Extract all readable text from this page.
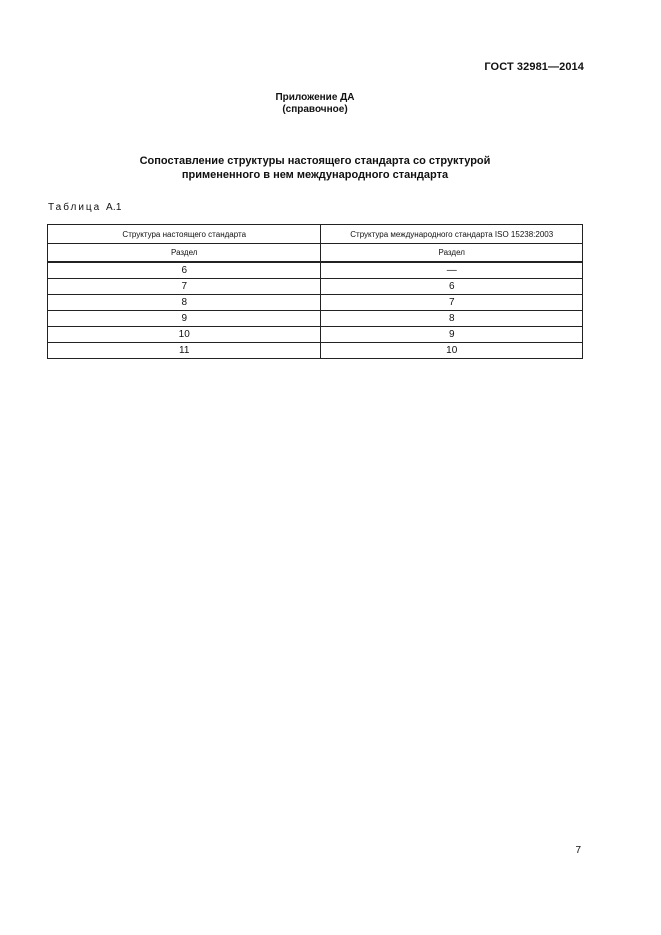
ГОСТ 32981—2014
Приложение ДА
(справочное)
Сопоставление структуры настоящего стандарта со структурой
примененного в нем международного стандарта
Таблица А.1
Структура настоящего стандарта	Структура международного стандарта ISO 15238:2003
Раздел	Раздел
6	—
7	6
8	7
9	8
10	9
11	10
7
